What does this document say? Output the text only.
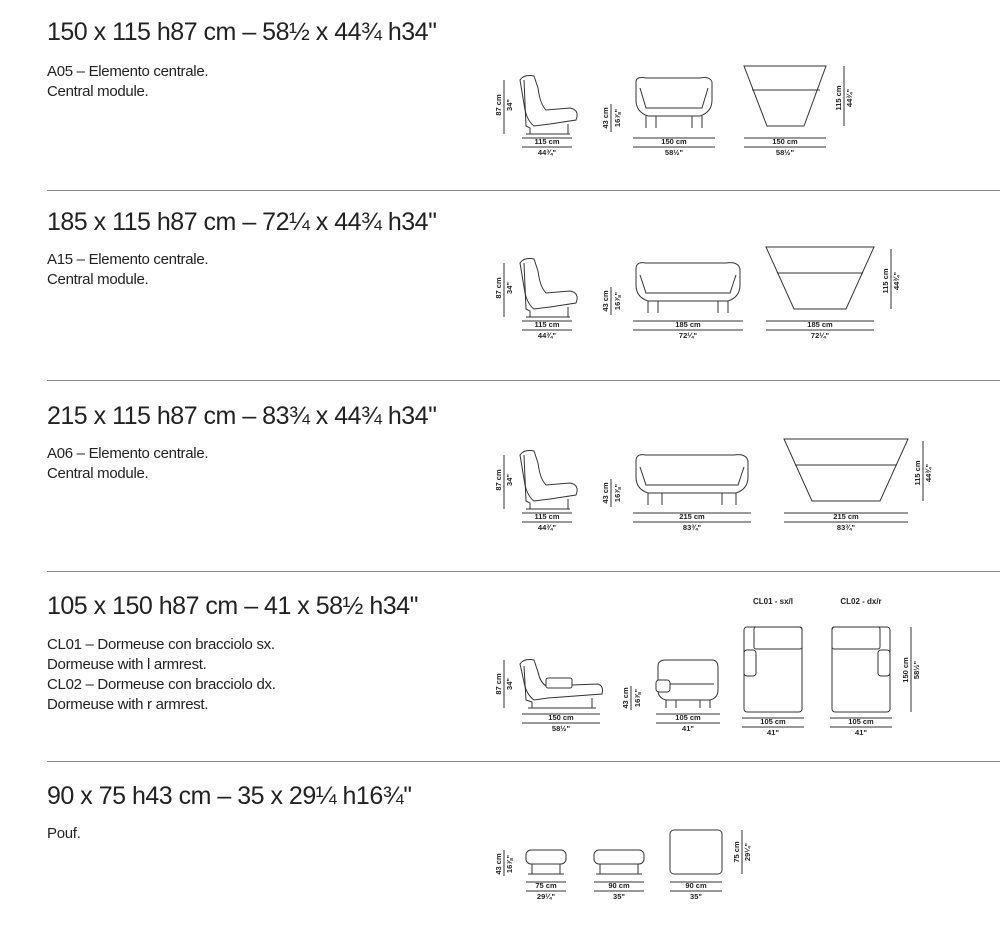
150 x 115 h87 cm – 58½ x 44¾ h34''
A05 – Elemento centrale.
Central module.
115 cm
44¾"
87 cm 34"
43 cm 16⅞"
150 cm
58½"
150 cm
58½"
115 cm 44¾"
185 x 115 h87 cm – 72¼ x 44¾ h34''
A15 – Elemento centrale.
Central module.
115 cm
44¾"
87 cm 34"
43 cm 16⅞"
185 cm
72¼"
185 cm
72¼"
115 cm 44¾"
215 x 115 h87 cm – 83¾ x 44¾ h34''
A06 – Elemento centrale.
Central module.
115 cm
44¾"
87 cm 34"
43 cm 16⅞"
215 cm
83¾"
215 cm
83¾"
115 cm 44¾"
105 x 150 h87 cm – 41 x 58½ h34''
CL01 – Dormeuse con bracciolo sx.
Dormeuse with l armrest.
CL02 – Dormeuse con bracciolo dx.
Dormeuse with r armrest.
150 cm
58½"
87 cm 34"
43 cm 16⅞"
105 cm
41"
CL01 - sx/l
105 cm
41"
CL02 - dx/r
105 cm
41"
150 cm 58½"
90 x 75 h43 cm – 35 x 29¼ h16¾''
Pouf.
43 cm 16⅞"
75 cm
29¼"
90 cm
35"
90 cm
35"
75 cm 29¼"
